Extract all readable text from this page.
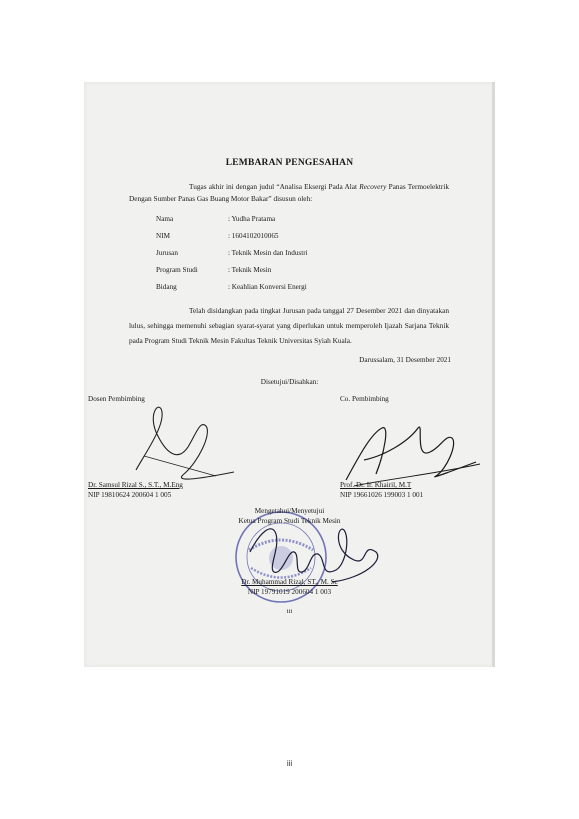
LEMBARAN PENGESAHAN
Tugas akhir ini dengan judul “Analisa Eksergi Pada Alat Recovery Panas Termoelektrik Dengan Sumber Panas Gas Buang Motor Bakar” disusun oleh:
Nama	: Yudha Pratama
NIM	: 1604102010065
Jurusan	: Teknik Mesin dan Industri
Program Studi	: Teknik Mesin
Bidang	: Keahlian Konversi Energi
Telah disidangkan pada tingkat Jurusan pada tanggal 27 Desember 2021 dan dinyatakan lulus, sehingga memenuhi sebagian syarat-syarat yang diperlukan untuk memperoleh Ijazah Sarjana Teknik pada Program Studi Teknik Mesin Fakultas Teknik Universitas Syiah Kuala.
Darussalam, 31 Desember 2021
Disetujui/Disahkan:
Dosen Pembimbing
Dr. Samsul Rizal S., S.T., M.Eng
NIP 19810624 200604 1 005
Co. Pembimbing
Prof. Dr. Ir. Khairil, M.T
NIP 19661026 199003 1 001
Mengetahui/Menyetujui
Ketua Program Studi Teknik Mesin
Dr. Muhammad Rizal, ST., M. Sc
NIP 19791019 200604 1 003
iii
iii
